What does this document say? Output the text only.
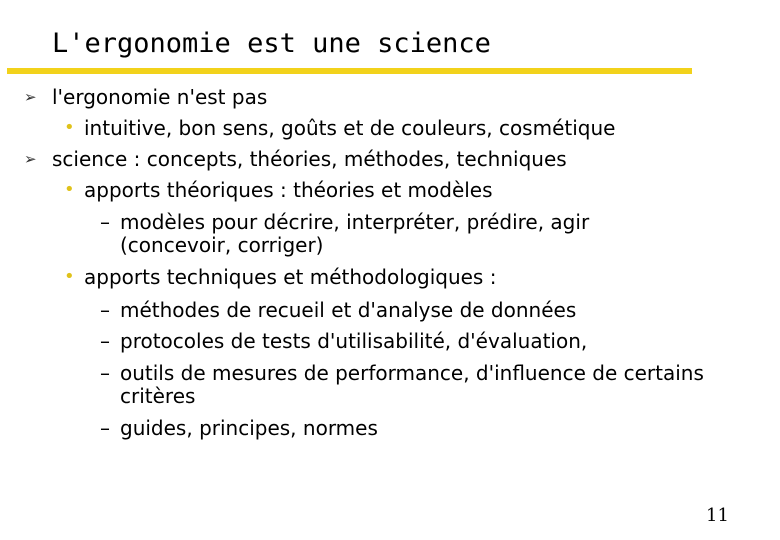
L'ergonomie est une science
➢ l'ergonomie n'est pas
• intuitive, bon sens, goûts et de couleurs, cosmétique
➢ science : concepts, théories, méthodes, techniques
• apports théoriques : théories et modèles
– modèles pour décrire, interpréter, prédire, agir
(concevoir, corriger)
• apports techniques et méthodologiques :
– méthodes de recueil et d'analyse de données
– protocoles de tests d'utilisabilité, d'évaluation,
– outils de mesures de performance, d'influence de certains
critères
– guides, principes, normes
11
